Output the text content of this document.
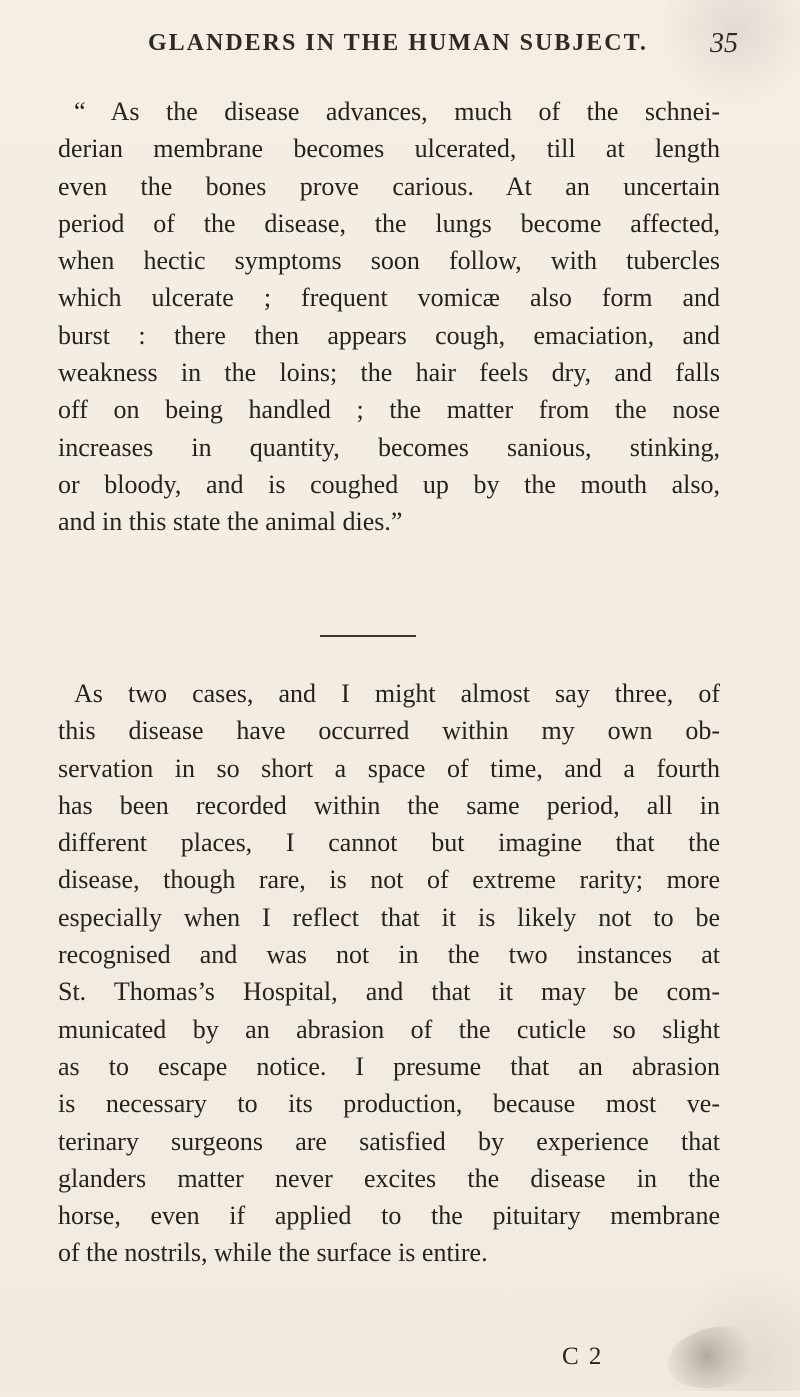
GLANDERS IN THE HUMAN SUBJECT. 35
“ As the disease advances, much of the schnei-
derian membrane becomes ulcerated, till at length
even the bones prove carious. At an uncertain
period of the disease, the lungs become affected,
when hectic symptoms soon follow, with tubercles
which ulcerate ; frequent vomicæ also form and
burst : there then appears cough, emaciation, and
weakness in the loins; the hair feels dry, and falls
off on being handled ; the matter from the nose
increases in quantity, becomes sanious, stinking,
or bloody, and is coughed up by the mouth also,
and in this state the animal dies.”
As two cases, and I might almost say three, of
this disease have occurred within my own ob-
servation in so short a space of time, and a fourth
has been recorded within the same period, all in
different places, I cannot but imagine that the
disease, though rare, is not of extreme rarity; more
especially when I reflect that it is likely not to be
recognised and was not in the two instances at
St. Thomas’s Hospital, and that it may be com-
municated by an abrasion of the cuticle so slight
as to escape notice. I presume that an abrasion
is necessary to its production, because most ve-
terinary surgeons are satisfied by experience that
glanders matter never excites the disease in the
horse, even if applied to the pituitary membrane
of the nostrils, while the surface is entire.
C 2
